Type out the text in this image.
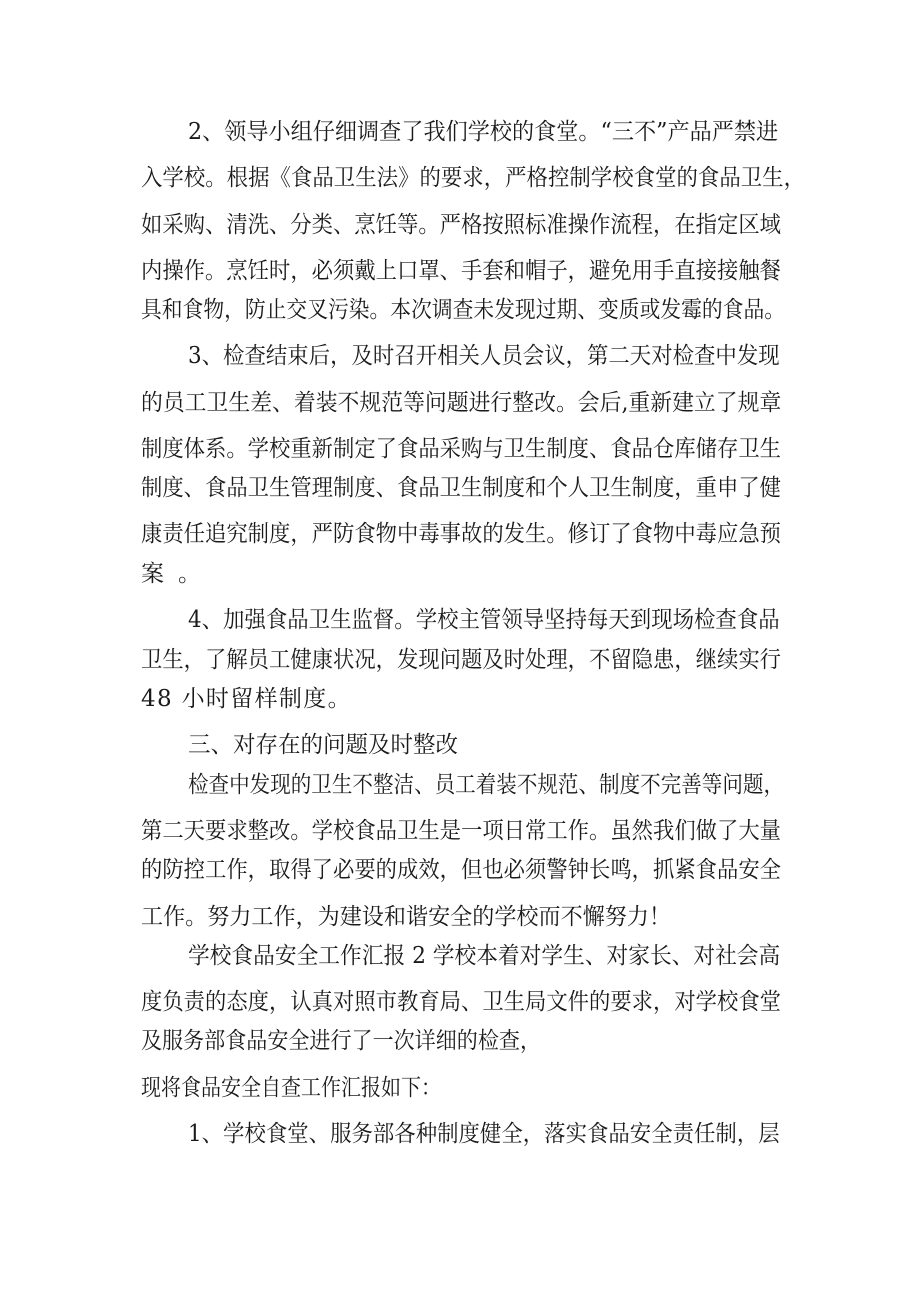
2、领导小组仔细调查了我们学校的食堂。“三不”产品严禁进
入学校。根据《食品卫生法》的要求，严格控制学校食堂的食品卫生，
如采购、清洗、分类、烹饪等。严格按照标准操作流程，在指定区域
内操作。烹饪时，必须戴上口罩、手套和帽子，避免用手直接接触餐
具和食物，防止交叉污染。本次调查未发现过期、变质或发霉的食品。
3、检查结束后，及时召开相关人员会议，第二天对检查中发现
的员工卫生差、着装不规范等问题进行整改。会后,重新建立了规章
制度体系。学校重新制定了食品采购与卫生制度、食品仓库储存卫生
制度、食品卫生管理制度、食品卫生制度和个人卫生制度，重申了健
康责任追究制度，严防食物中毒事故的发生。修订了食物中毒应急预
案。
4、加强食品卫生监督。学校主管领导坚持每天到现场检查食品
卫生，了解员工健康状况，发现问题及时处理，不留隐患，继续实行
48 小时留样制度。
三、对存在的问题及时整改
检查中发现的卫生不整洁、员工着装不规范、制度不完善等问题，
第二天要求整改。学校食品卫生是一项日常工作。虽然我们做了大量
的防控工作，取得了必要的成效，但也必须警钟长鸣，抓紧食品安全
工作。努力工作，为建设和谐安全的学校而不懈努力！
学校食品安全工作汇报 2 学校本着对学生、对家长、对社会高
度负责的态度，认真对照市教育局、卫生局文件的要求，对学校食堂
及服务部食品安全进行了一次详细的检查，
现将食品安全自查工作汇报如下：
1、学校食堂、服务部各种制度健全，落实食品安全责任制，层
